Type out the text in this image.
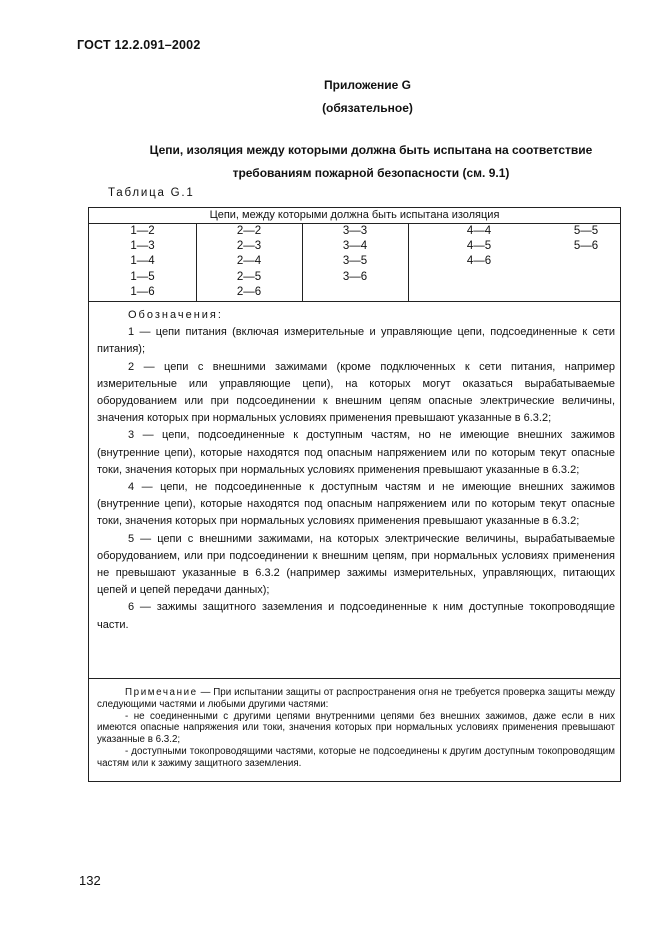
ГОСТ 12.2.091–2002
Приложение G
(обязательное)
Цепи, изоляция между которыми должна быть испытана на соответствие
требованиям пожарной безопасности (см. 9.1)
Таблица G.1
Цепи, между которыми должна быть испытана изоляция
1—2
1—3
1—4
1—5
1—6
2—2
2—3
2—4
2—5
2—6
3—3
3—4
3—5
3—6
4—4
4—5
4—6
5—5
5—6
Обозначения:

1 — цепи питания (включая измерительные и управляющие цепи, подсоединенные к сети питания);

2 — цепи с внешними зажимами (кроме подключенных к сети питания, например измерительные или управляющие цепи), на которых могут оказаться вырабатываемые оборудованием или при подсоединении к внешним цепям опасные электрические величины, значения которых при нормальных условиях применения превышают указанные в 6.3.2;

3 — цепи, подсоединенные к доступным частям, но не имеющие внешних зажимов (внутренние цепи), которые находятся под опасным напряжением или по которым текут опасные токи, значения которых при нормальных условиях применения превышают указанные в 6.3.2;

4 — цепи, не подсоединенные к доступным частям и не имеющие внешних зажимов (внутренние цепи), которые находятся под опасным напряжением или по которым текут опасные токи, значения которых при нормальных условиях применения превышают указанные в 6.3.2;

5 — цепи с внешними зажимами, на которых электрические величины, вырабатываемые оборудованием, или при подсоединении к внешним цепям, при нормальных условиях применения не превышают указанные в 6.3.2 (например зажимы измерительных, управляющих, питающих цепей и цепей передачи данных);

6 — зажимы защитного заземления и подсоединенные к ним доступные токопроводящие части.

Примечание — При испытании защиты от распространения огня не требуется проверка защиты между следующими частями и любыми другими частями:

- не соединенными с другими цепями внутренними цепями без внешних зажимов, даже если в них имеются опасные напряжения или токи, значения которых при нормальных условиях применения превышают указанные в 6.3.2;

- доступными токопроводящими частями, которые не подсоединены к другим доступным токопроводящим частям или к зажиму защитного заземления.

132
